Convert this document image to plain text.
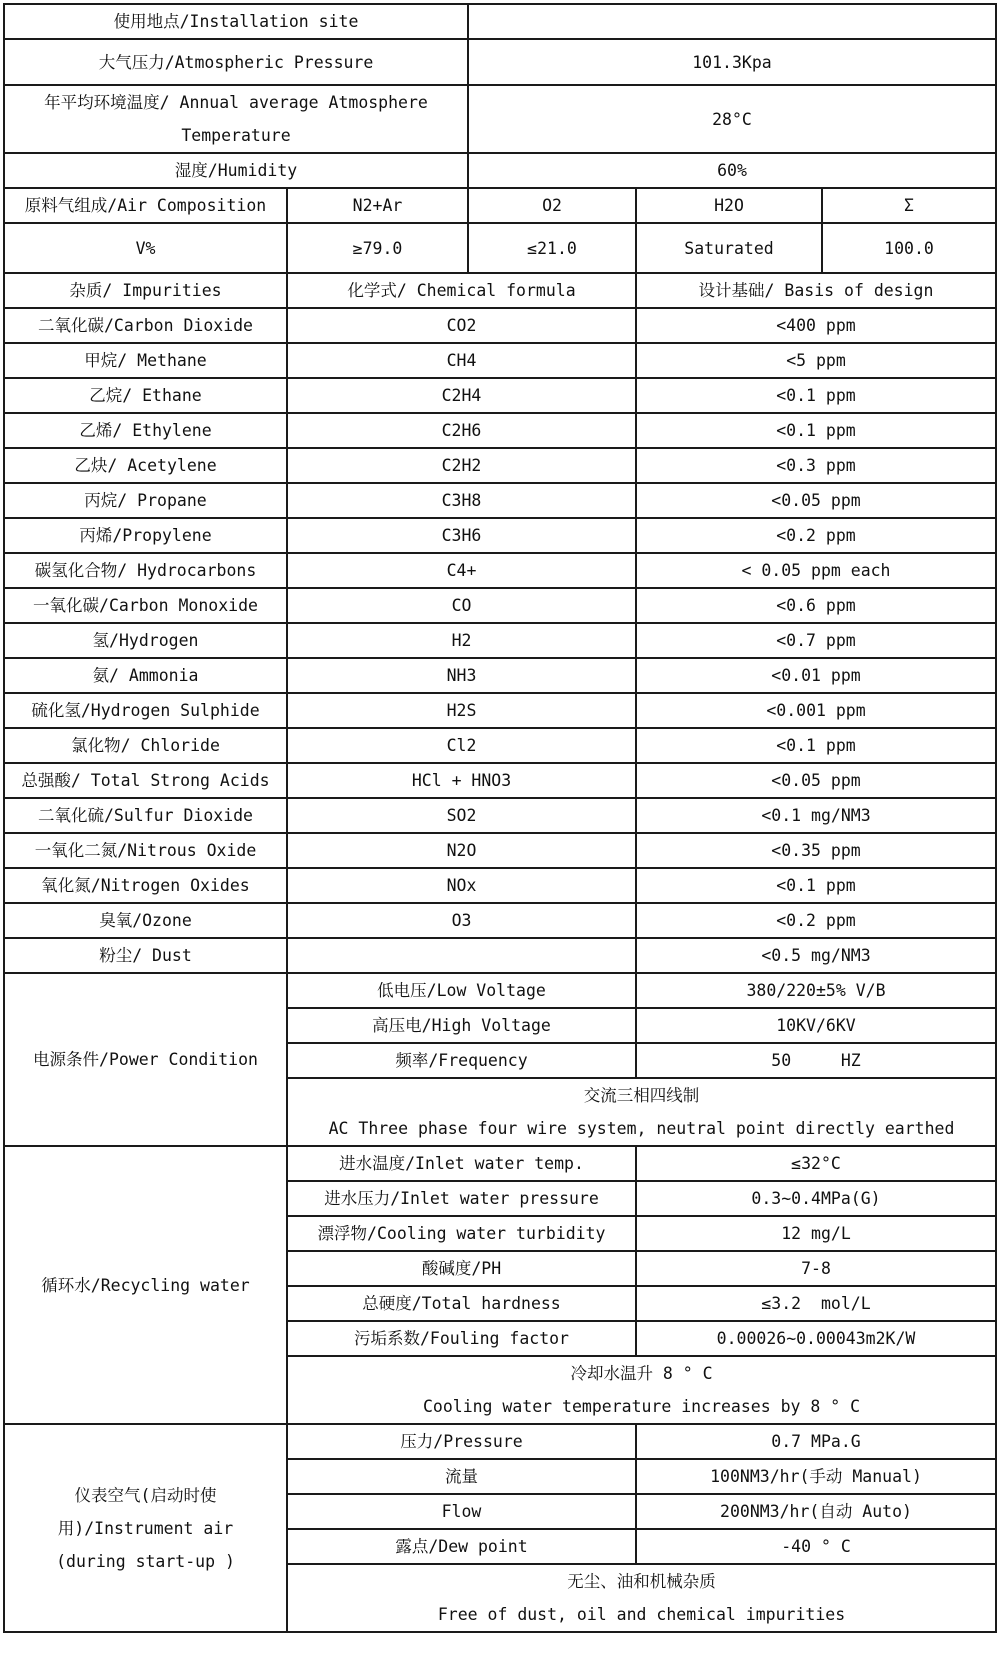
使用地点/Installation site				
大气压力/Atmospheric Pressure		101.3Kpa		
年平均环境温度/ Annual average Atmosphere Temperature		28°C		
湿度/Humidity		60%		
原料气组成/Air Composition	N2+Ar	O2	H2O	Σ
V%	≥79.0	≤21.0	Saturated	100.0
杂质/ Impurities	化学式/ Chemical formula		设计基础/ Basis of design	
二氧化碳/Carbon Dioxide	CO2		<400 ppm	
甲烷/ Methane	CH4		<5 ppm	
乙烷/ Ethane	C2H4		<0.1 ppm	
乙烯/ Ethylene	C2H6		<0.1 ppm	
乙炔/ Acetylene	C2H2		<0.3 ppm	
丙烷/ Propane	C3H8		<0.05 ppm	
丙烯/Propylene	C3H6		<0.2 ppm	
碳氢化合物/ Hydrocarbons	C4+		< 0.05 ppm each	
一氧化碳/Carbon Monoxide	CO		<0.6 ppm	
氢/Hydrogen	H2		<0.7 ppm	
氨/ Ammonia	NH3		<0.01 ppm	
硫化氢/Hydrogen Sulphide	H2S		<0.001 ppm	
氯化物/ Chloride	Cl2		<0.1 ppm	
总强酸/ Total Strong Acids	HCl + HNO3		<0.05 ppm	
二氧化硫/Sulfur Dioxide	SO2		<0.1 mg/NM3	
一氧化二氮/Nitrous Oxide	N2O		<0.35 ppm	
氧化氮/Nitrogen Oxides	NOx		<0.1 ppm	
臭氧/Ozone	O3		<0.2 ppm	
粉尘/ Dust			<0.5 mg/NM3	
电源条件/Power Condition	低电压/Low Voltage		380/220±5% V/Β	
	高压电/High Voltage		10KV/6KV	
	频率/Frequency		50     HZ	

	交流三相四线制
AC Three phase four wire system, neutral point directly earthed			

循环水/Recycling water	进水温度/Inlet water temp.		≤32°C	
	进水压力/Inlet water pressure		0.3~0.4MPa(G)	
	漂浮物/Cooling water turbidity		12 mg/L	
	酸碱度/PH		7-8	
	总硬度/Total hardness		≤3.2  mol/L	
	污垢系数/Fouling factor		0.00026~0.00043m2K/W	

	冷却水温升 8 ° C
Cooling water temperature increases by 8 ° C			

仪表空气(启动时使用)/Instrument air (during start-up )	压力/Pressure		0.7 MPa.G	
	流量		100NM3/hr(手动 Manual)	
	Flow		200NM3/hr(自动 Auto)	
	露点/Dew point		-40 ° C	

	无尘、油和机械杂质
Free of dust, oil and chemical impurities			
